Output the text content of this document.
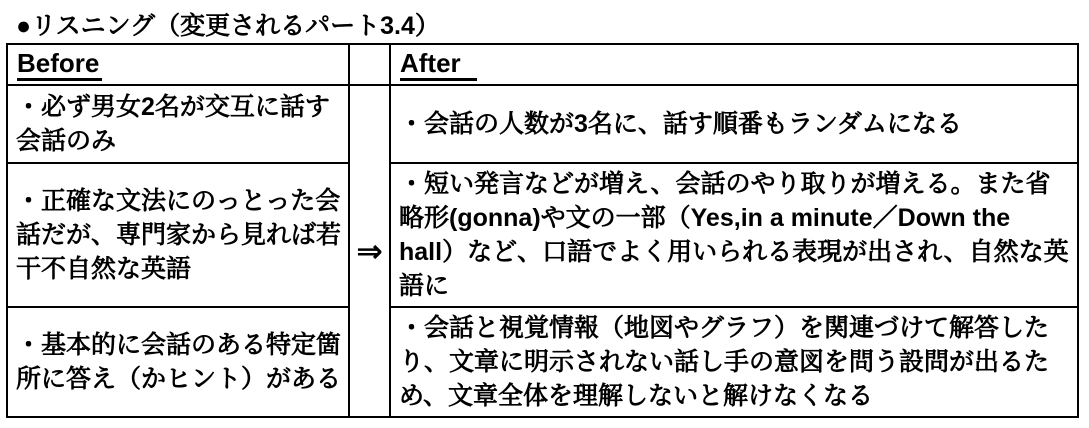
●リスニング（変更されるパート3.4）
Before		After
・必ず男女2名が交互に話す会話のみ	⇒	・会話の人数が3名に、話す順番もランダムになる
・正確な文法にのっとった会話だが、専門家から見れば若干不自然な英語		・短い発言などが増え、会話のやり取りが増える。また省略形(gonna)や文の一部（Yes,in a minute／Down the hall）など、口語でよく用いられる表現が出され、自然な英語に
・基本的に会話のある特定箇所に答え（かヒント）がある		・会話と視覚情報（地図やグラフ）を関連づけて解答したり、文章に明示されない話し手の意図を問う設問が出るため、文章全体を理解しないと解けなくなる
